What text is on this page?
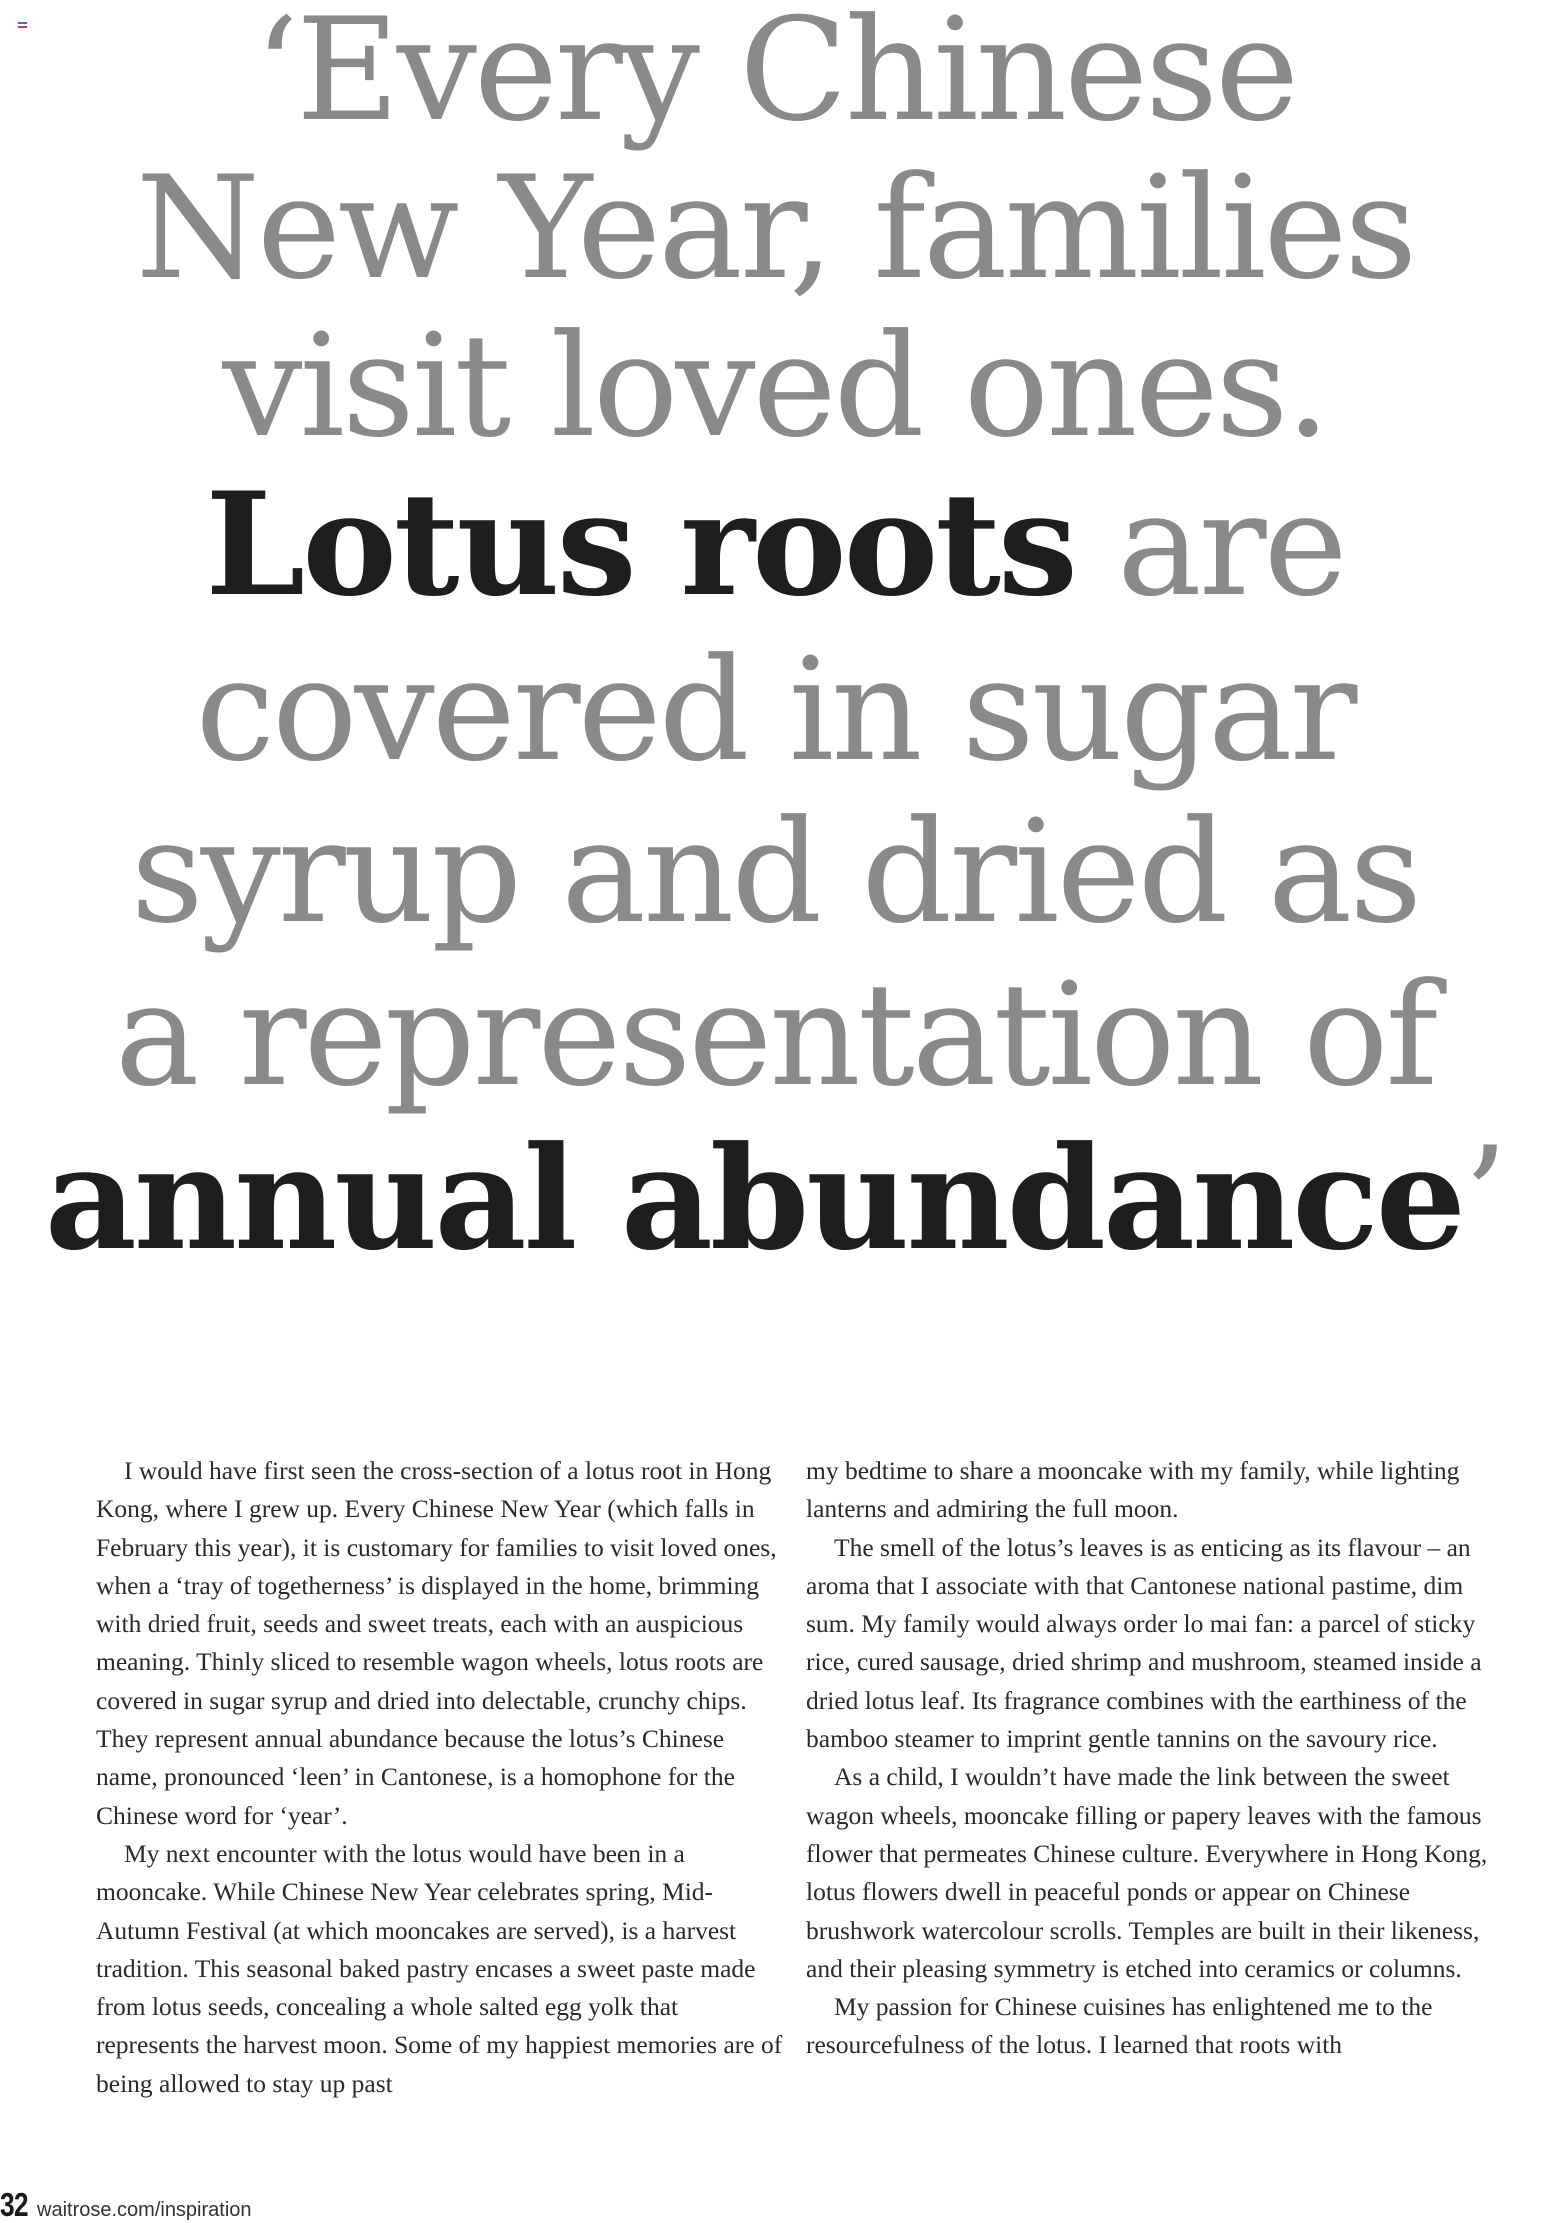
‘Every Chinese
New Year, families
visit loved ones.
Lotus roots are
covered in sugar
syrup and dried as
a representation of
annual abundance’

I would have first seen the cross-section of a lotus root in Hong Kong, where I grew up. Every Chinese New Year (which falls in February this year), it is customary for families to visit loved ones, when a ‘tray of togetherness’ is displayed in the home, brimming with dried fruit, seeds and sweet treats, each with an auspicious meaning. Thinly sliced to resemble wagon wheels, lotus roots are covered in sugar syrup and dried into delectable, crunchy chips. They represent annual abundance because the lotus’s Chinese name, pronounced ‘leen’ in Cantonese, is a homophone for the Chinese word for ‘year’.

My next encounter with the lotus would have been in a mooncake. While Chinese New Year celebrates spring, Mid-Autumn Festival (at which mooncakes are served), is a harvest tradition. This seasonal baked pastry encases a sweet paste made from lotus seeds, concealing a whole salted egg yolk that represents the harvest moon. Some of my happiest memories are of being allowed to stay up past

my bedtime to share a mooncake with my family, while lighting lanterns and admiring the full moon.

The smell of the lotus’s leaves is as enticing as its flavour – an aroma that I associate with that Cantonese national pastime, dim sum. My family would always order lo mai fan: a parcel of sticky rice, cured sausage, dried shrimp and mushroom, steamed inside a dried lotus leaf. Its fragrance combines with the earthiness of the bamboo steamer to imprint gentle tannins on the savoury rice.

As a child, I wouldn’t have made the link between the sweet wagon wheels, mooncake filling or papery leaves with the famous flower that permeates Chinese culture. Everywhere in Hong Kong, lotus flowers dwell in peaceful ponds or appear on Chinese brushwork watercolour scrolls. Temples are built in their likeness, and their pleasing symmetry is etched into ceramics or columns.

My passion for Chinese cuisines has enlightened me to the resourcefulness of the lotus. I learned that roots with

32 waitrose.com/inspiration
